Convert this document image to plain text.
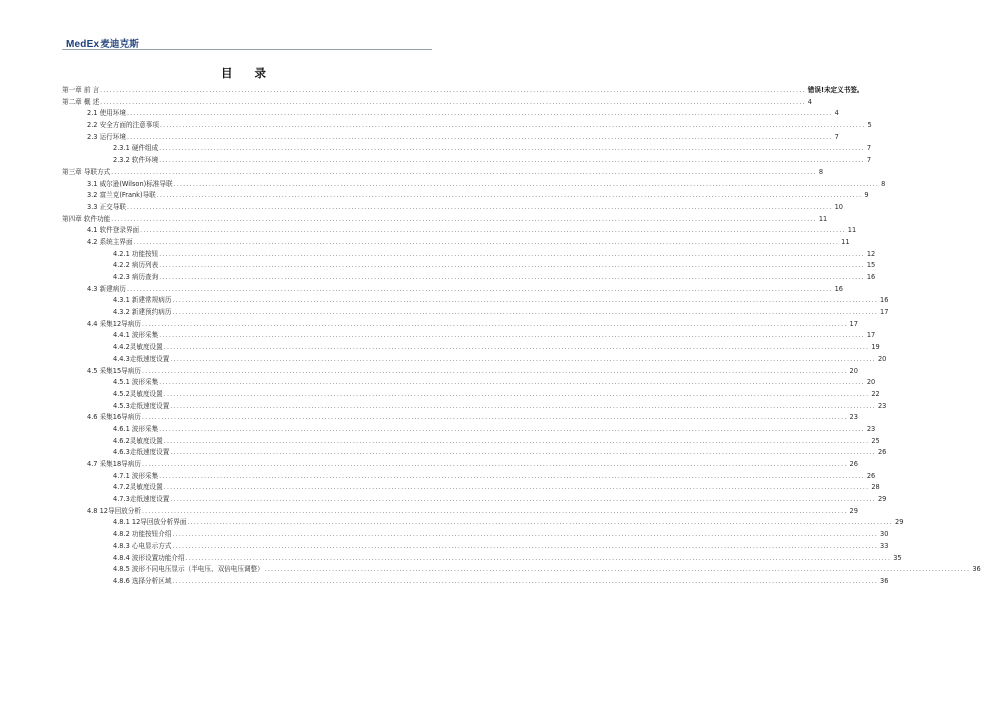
MedEx麦迪克斯
目 录
第一章 前 言 ............................................................................................................................................................................................................................ 错误!未定义书签。
第二章 概 述 ............................................................................................................................................................................................................................ 4
2.1 使用环境 ............................................................................................................................................................................................................................ 4
2.2 安全方面的注意事项 ............................................................................................................................................................................................................................ 5
2.3 运行环境 ............................................................................................................................................................................................................................ 7
2.3.1 硬件组成 ............................................................................................................................................................................................................................ 7
2.3.2 软件环境 ............................................................................................................................................................................................................................ 7
第三章 导联方式 ............................................................................................................................................................................................................................ 8
3.1 威尔逊(Wilson)标准导联 ............................................................................................................................................................................................................................ 8
3.2 富兰克(Frank)导联 ............................................................................................................................................................................................................................ 9
3.3 正交导联 ............................................................................................................................................................................................................................ 10
第四章 软件功能 ............................................................................................................................................................................................................................ 11
4.1 软件登录界面 ............................................................................................................................................................................................................................ 11
4.2 系统主界面 ............................................................................................................................................................................................................................ 11
4.2.1 功能按钮 ............................................................................................................................................................................................................................ 12
4.2.2 病历列表 ............................................................................................................................................................................................................................ 15
4.2.3 病历查询 ............................................................................................................................................................................................................................ 16
4.3 新建病历 ............................................................................................................................................................................................................................ 16
4.3.1 新建常规病历 ............................................................................................................................................................................................................................ 16
4.3.2 新建预约病历 ............................................................................................................................................................................................................................ 17
4.4 采集12导病历 ............................................................................................................................................................................................................................ 17
4.4.1 波形采集 ............................................................................................................................................................................................................................ 17
4.4.2灵敏度设置 ............................................................................................................................................................................................................................ 19
4.4.3走纸速度设置 ............................................................................................................................................................................................................................ 20
4.5 采集15导病历 ............................................................................................................................................................................................................................ 20
4.5.1 波形采集 ............................................................................................................................................................................................................................ 20
4.5.2灵敏度设置 ............................................................................................................................................................................................................................ 22
4.5.3走纸速度设置 ............................................................................................................................................................................................................................ 23
4.6 采集16导病历 ............................................................................................................................................................................................................................ 23
4.6.1 波形采集 ............................................................................................................................................................................................................................ 23
4.6.2灵敏度设置 ............................................................................................................................................................................................................................ 25
4.6.3走纸速度设置 ............................................................................................................................................................................................................................ 26
4.7 采集18导病历 ............................................................................................................................................................................................................................ 26
4.7.1 波形采集 ............................................................................................................................................................................................................................ 26
4.7.2灵敏度设置 ............................................................................................................................................................................................................................ 28
4.7.3走纸速度设置 ............................................................................................................................................................................................................................ 29
4.8 12导回放分析 ............................................................................................................................................................................................................................ 29
4.8.1 12导回放分析界面 ............................................................................................................................................................................................................................ 29
4.8.2 功能按钮介绍 ............................................................................................................................................................................................................................ 30
4.8.3 心电显示方式 ............................................................................................................................................................................................................................ 33
4.8.4 波形设置功能介绍 ............................................................................................................................................................................................................................ 35
4.8.5 波形不同电压显示（半电压、双倍电压调整） ............................................................................................................................................................................................................................ 36
4.8.6 选择分析区域 ............................................................................................................................................................................................................................ 36
